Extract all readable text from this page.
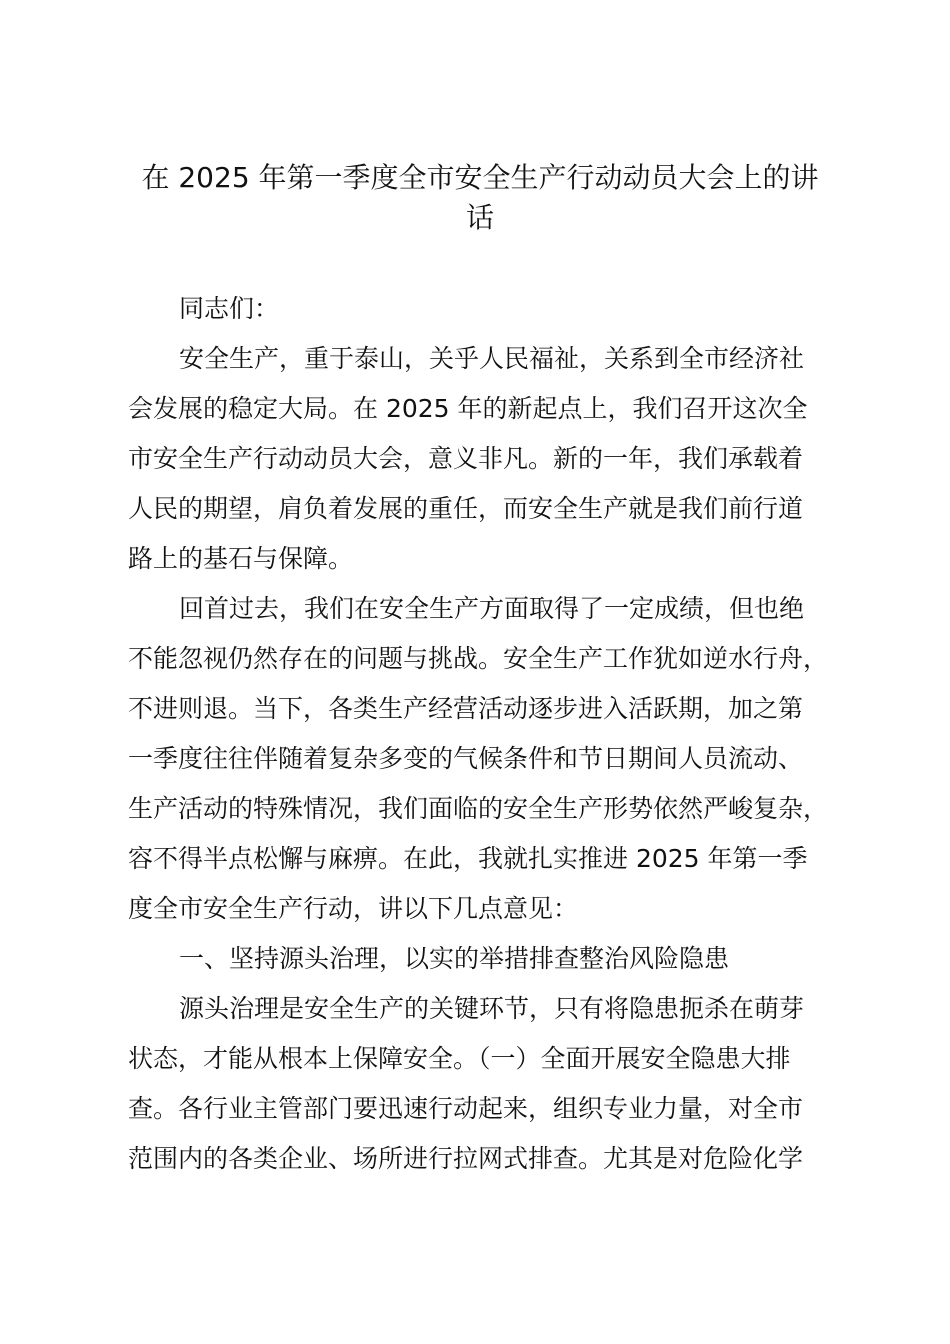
在 2025 年第一季度全市安全生产行动动员大会上的讲
话

同志们：

安全生产，重于泰山，关乎人民福祉，关系到全市经济社
会发展的稳定大局。在 2025 年的新起点上，我们召开这次全
市安全生产行动动员大会，意义非凡。新的一年，我们承载着
人民的期望，肩负着发展的重任，而安全生产就是我们前行道
路上的基石与保障。

回首过去，我们在安全生产方面取得了一定成绩，但也绝
不能忽视仍然存在的问题与挑战。安全生产工作犹如逆水行舟，
不进则退。当下，各类生产经营活动逐步进入活跃期，加之第
一季度往往伴随着复杂多变的气候条件和节日期间人员流动、
生产活动的特殊情况，我们面临的安全生产形势依然严峻复杂，
容不得半点松懈与麻痹。在此，我就扎实推进 2025 年第一季
度全市安全生产行动，讲以下几点意见：

一、坚持源头治理，以实的举措排查整治风险隐患

源头治理是安全生产的关键环节，只有将隐患扼杀在萌芽
状态，才能从根本上保障安全。（一）全面开展安全隐患大排
查。各行业主管部门要迅速行动起来，组织专业力量，对全市
范围内的各类企业、场所进行拉网式排查。尤其是对危险化学
